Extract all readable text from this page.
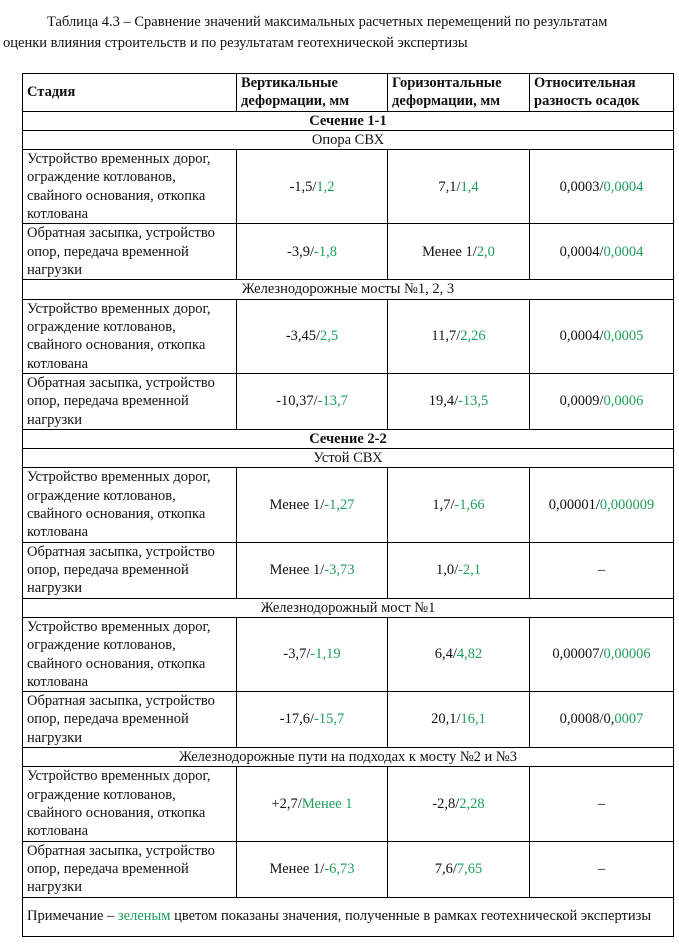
Таблица 4.3 – Сравнение значений максимальных расчетных перемещений по результатам
оценки влияния строительств и по результатам геотехнической экспертизы
Стадия	Вертикальные деформации, мм	Горизонтальные деформации, мм	Относительная разность осадок
Сечение 1-1			
Опора СВХ			
Устройство временных дорог, ограждение котлованов, свайного основания, откопка котлована	-1,5/1,2	7,1/1,4	0,0003/0,0004
Обратная засыпка, устройство опор, передача временной нагрузки	-3,9/-1,8	Менее 1/2,0	0,0004/0,0004
Железнодорожные мосты №1, 2, 3			
Устройство временных дорог, ограждение котлованов, свайного основания, откопка котлована	-3,45/2,5	11,7/2,26	0,0004/0,0005
Обратная засыпка, устройство опор, передача временной нагрузки	-10,37/-13,7	19,4/-13,5	0,0009/0,0006
Сечение 2-2			
Устой СВХ			
Устройство временных дорог, ограждение котлованов, свайного основания, откопка котлована	Менее 1/-1,27	1,7/-1,66	0,00001/0,000009
Обратная засыпка, устройство опор, передача временной нагрузки	Менее 1/-3,73	1,0/-2,1	–
Железнодорожный мост №1			
Устройство временных дорог, ограждение котлованов, свайного основания, откопка котлована	-3,7/-1,19	6,4/4,82	0,00007/0,00006
Обратная засыпка, устройство опор, передача временной нагрузки	-17,6/-15,7	20,1/16,1	0,0008/0,0007
Железнодорожные пути на подходах к мосту №2 и №3			
Устройство временных дорог, ограждение котлованов, свайного основания, откопка котлована	+2,7/Менее 1	-2,8/2,28	–
Обратная засыпка, устройство опор, передача временной нагрузки	Менее 1/-6,73	7,6/7,65	–
Примечание – зеленым цветом показаны значения, полученные в рамках геотехнической экспертизы			
